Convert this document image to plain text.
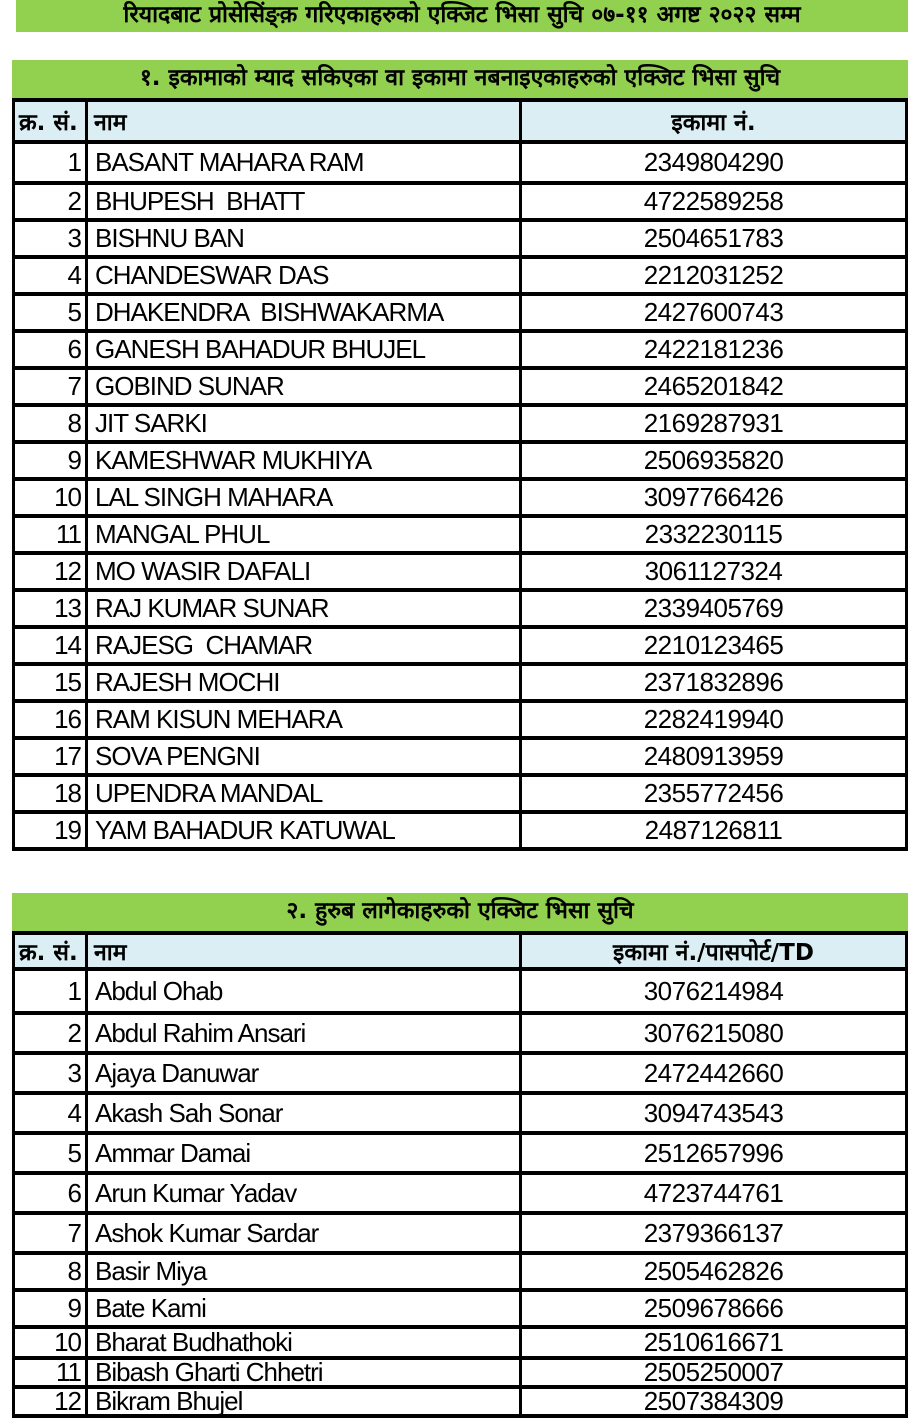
रियादबाट प्रोसेसिंङ्क़ गरिएकाहरुको एक्जिट भिसा सुचि ०७-११ अगष्ट २०२२ सम्म
१. इकामाको म्याद सकिएका वा इकामा नबनाइएकाहरुको एक्जिट भिसा सुचि
क्र. सं. नाम	इकामा नं.
1 BASANT MAHARA RAM	2349804290
2 BHUPESH  BHATT	4722589258
3 BISHNU BAN	2504651783
4 CHANDESWAR DAS	2212031252
5 DHAKENDRA  BISHWAKARMA	2427600743
6 GANESH BAHADUR BHUJEL	2422181236
7 GOBIND SUNAR	2465201842
8 JIT SARKI	2169287931
9 KAMESHWAR MUKHIYA	2506935820
10 LAL SINGH MAHARA	3097766426
11 MANGAL PHUL	2332230115
12 MO WASIR DAFALI	3061127324
13 RAJ KUMAR SUNAR	2339405769
14 RAJESG  CHAMAR	2210123465
15 RAJESH MOCHI	2371832896
16 RAM KISUN MEHARA	2282419940
17 SOVA PENGNI	2480913959
18 UPENDRA MANDAL	2355772456
19 YAM BAHADUR KATUWAL	2487126811
२. हुरुब लागेकाहरुको एक्जिट भिसा सुचि
क्र. सं. नाम	इकामा नं./पासपोर्ट/TD
1 Abdul Ohab	3076214984
2 Abdul Rahim Ansari	3076215080
3 Ajaya Danuwar	2472442660
4 Akash Sah Sonar	3094743543
5 Ammar Damai	2512657996
6 Arun Kumar Yadav	4723744761
7 Ashok Kumar Sardar	2379366137
8 Basir Miya	2505462826
9 Bate Kami	2509678666
10 Bharat Budhathoki	2510616671
11 Bibash Gharti Chhetri	2505250007
12 Bikram Bhujel	2507384309
